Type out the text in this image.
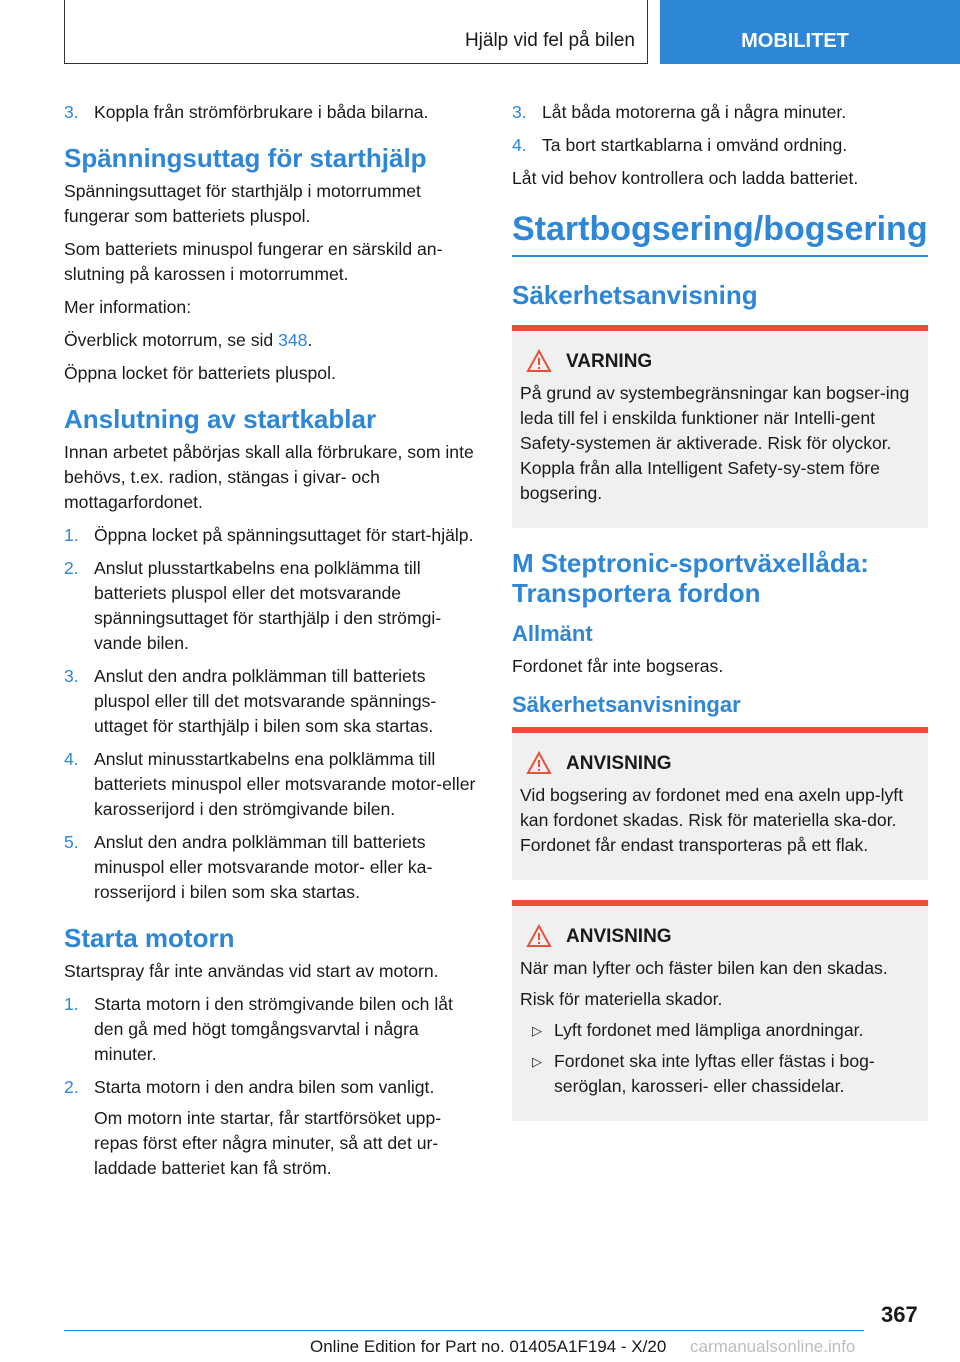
Hjälp vid fel på bilen	MOBILITET
3. Koppla från strömförbrukare i båda bilarna.
Spänningsuttag för starthjälp

Spänningsuttaget för starthjälp i motorrummet fungerar som batteriets pluspol.

Som batteriets minuspol fungerar en särskild an-slutning på karossen i motorrummet.

Mer information:

Överblick motorrum, se sid 348.

Öppna locket för batteriets pluspol.

Anslutning av startkablar

Innan arbetet påbörjas skall alla förbrukare, som inte behövs, t.ex. radion, stängas i givar- och mottagarfordonet.

1. Öppna locket på spänningsuttaget för start-hjälp.
2. Anslut plusstartkabelns ena polklämma till batteriets pluspol eller det motsvarande spänningsuttaget för starthjälp i den strömgi-vande bilen.
3. Anslut den andra polklämman till batteriets pluspol eller till det motsvarande spännings-uttaget för starthjälp i bilen som ska startas.
4. Anslut minusstartkabelns ena polklämma till batteriets minuspol eller motsvarande motor-eller karosserijord i den strömgivande bilen.
5. Anslut den andra polklämman till batteriets minuspol eller motsvarande motor- eller ka-rosserijord i bilen som ska startas.
Starta motorn

Startspray får inte användas vid start av motorn.

1. Starta motorn i den strömgivande bilen och låt den gå med högt tomgångsvarvtal i några minuter.
2. Starta motorn i den andra bilen som vanligt.
Om motorn inte startar, får startförsöket upp-repas först efter några minuter, så att det ur-laddade batteriet kan få ström.
3. Låt båda motorerna gå i några minuter.
4. Ta bort startkablarna i omvänd ordning.

Låt vid behov kontrollera och ladda batteriet.

Startbogsering/bogsering
Säkerhetsanvisning
VARNING

På grund av systembegränsningar kan bogser-ing leda till fel i enskilda funktioner när Intelli-gent Safety-systemen är aktiverade. Risk för olyckor. Koppla från alla Intelligent Safety-sy-stem före bogsering.

M Steptronic-sportväxellåda: Transportera fordon
Allmänt

Fordonet får inte bogseras.

Säkerhetsanvisningar
ANVISNING

Vid bogsering av fordonet med ena axeln upp-lyft kan fordonet skadas. Risk för materiella ska-dor. Fordonet får endast transporteras på ett flak.

ANVISNING

När man lyfter och fäster bilen kan den skadas.

Risk för materiella skador.

▷ Lyft fordonet med lämpliga anordningar.
▷ Fordonet ska inte lyftas eller fästas i bog-seröglan, karosseri- eller chassidelar.
367
Online Edition for Part no. 01405A1F194 - X/20 carmanualsonline.info
